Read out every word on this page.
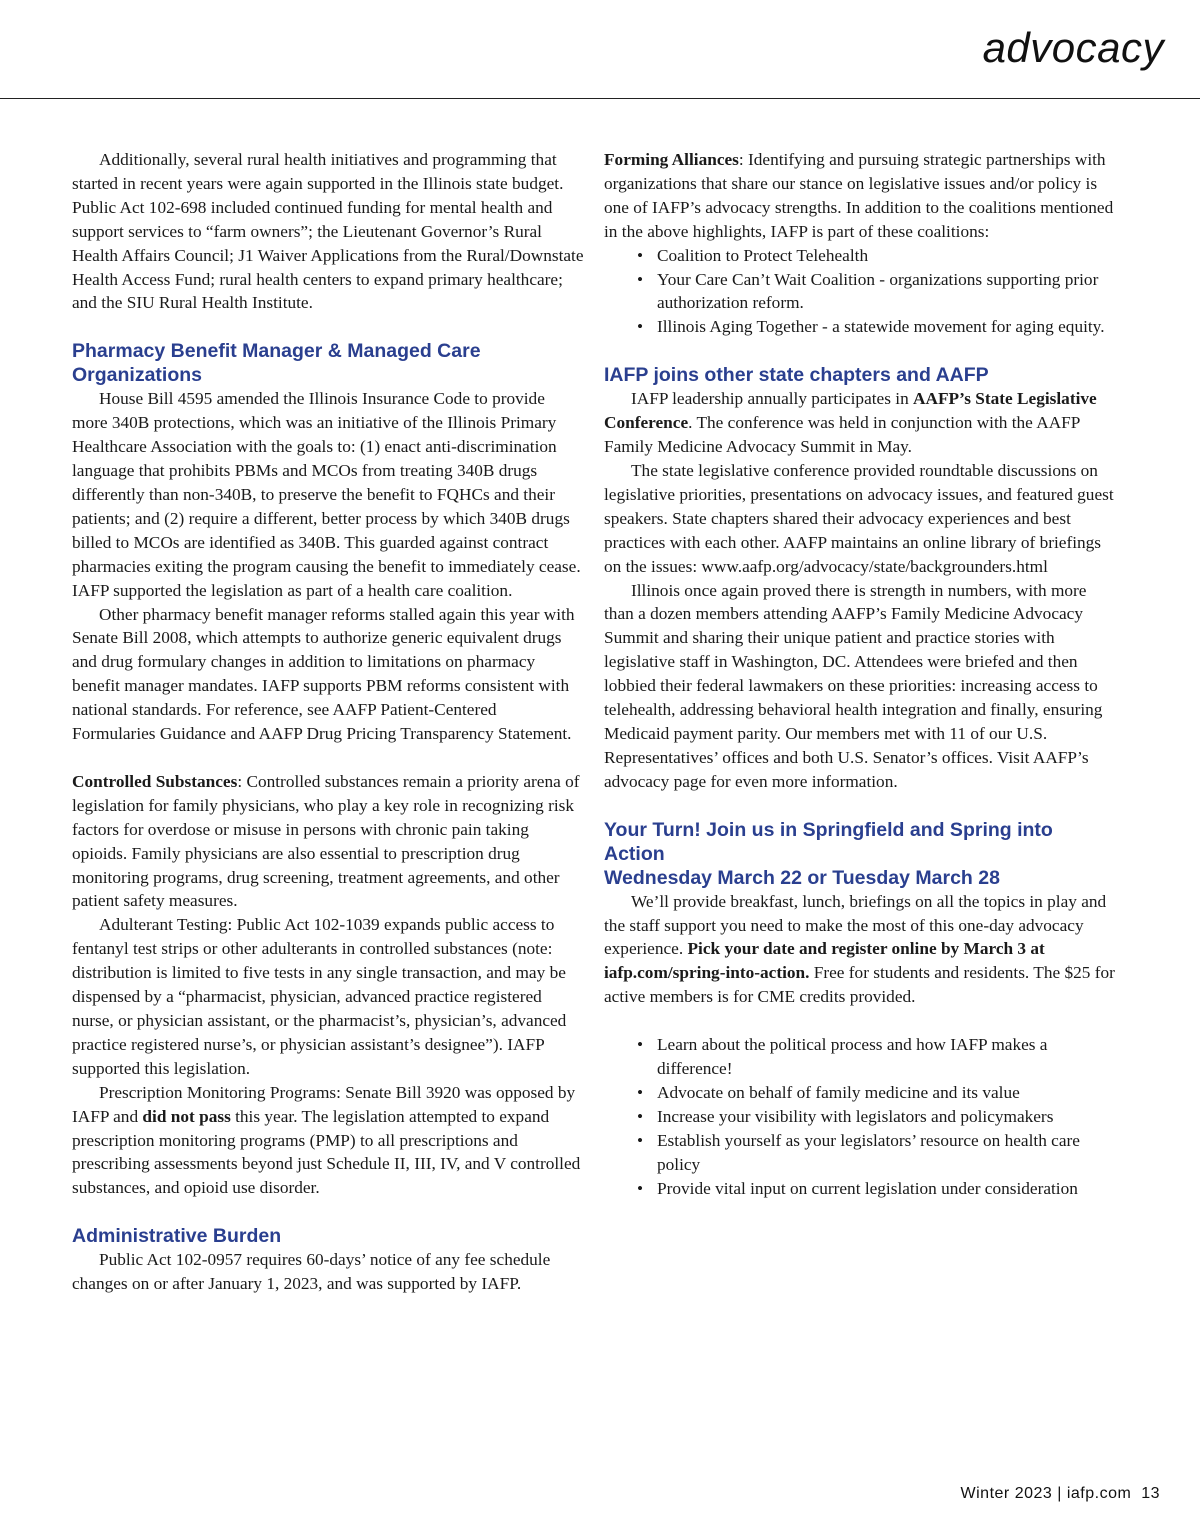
advocacy

Additionally, several rural health initiatives and programming that started in recent years were again supported in the Illinois state budget. Public Act 102-698 included continued funding for mental health and support services to “farm owners”; the Lieutenant Governor’s Rural Health Affairs Council; J1 Waiver Applications from the Rural/Downstate Health Access Fund; rural health centers to expand primary healthcare; and the SIU Rural Health Institute.

Pharmacy Benefit Manager & Managed Care Organizations

House Bill 4595 amended the Illinois Insurance Code to provide more 340B protections, which was an initiative of the Illinois Primary Healthcare Association with the goals to: (1) enact anti-discrimination language that prohibits PBMs and MCOs from treating 340B drugs differently than non-340B, to preserve the benefit to FQHCs and their patients; and (2) require a different, better process by which 340B drugs billed to MCOs are identified as 340B. This guarded against contract pharmacies exiting the program causing the benefit to immediately cease. IAFP supported the legislation as part of a health care coalition.

Other pharmacy benefit manager reforms stalled again this year with Senate Bill 2008, which attempts to authorize generic equivalent drugs and drug formulary changes in addition to limitations on pharmacy benefit manager mandates. IAFP supports PBM reforms consistent with national standards. For reference, see AAFP Patient-Centered Formularies Guidance and AAFP Drug Pricing Transparency Statement.

Controlled Substances: Controlled substances remain a priority arena of legislation for family physicians, who play a key role in recognizing risk factors for overdose or misuse in persons with chronic pain taking opioids. Family physicians are also essential to prescription drug monitoring programs, drug screening, treatment agreements, and other patient safety measures.

Adulterant Testing: Public Act 102-1039 expands public access to fentanyl test strips or other adulterants in controlled substances (note: distribution is limited to five tests in any single transaction, and may be dispensed by a “pharmacist, physician, advanced practice registered nurse, or physician assistant, or the pharmacist’s, physician’s, advanced practice registered nurse’s, or physician assistant’s designee”). IAFP supported this legislation.

Prescription Monitoring Programs: Senate Bill 3920 was opposed by IAFP and did not pass this year. The legislation attempted to expand prescription monitoring programs (PMP) to all prescriptions and prescribing assessments beyond just Schedule II, III, IV, and V controlled substances, and opioid use disorder.

Administrative Burden

Public Act 102-0957 requires 60-days’ notice of any fee schedule changes on or after January 1, 2023, and was supported by IAFP.

Forming Alliances: Identifying and pursuing strategic partnerships with organizations that share our stance on legislative issues and/or policy is one of IAFP’s advocacy strengths. In addition to the coalitions mentioned in the above highlights, IAFP is part of these coalitions:

• Coalition to Protect Telehealth
• Your Care Can’t Wait Coalition - organizations supporting prior authorization reform.
• Illinois Aging Together - a statewide movement for aging equity.
IAFP joins other state chapters and AAFP

IAFP leadership annually participates in AAFP’s State Legislative Conference. The conference was held in conjunction with the AAFP Family Medicine Advocacy Summit in May.

The state legislative conference provided roundtable discussions on legislative priorities, presentations on advocacy issues, and featured guest speakers. State chapters shared their advocacy experiences and best practices with each other. AAFP maintains an online library of briefings on the issues: www.aafp.org/advocacy/state/backgrounders.html

Illinois once again proved there is strength in numbers, with more than a dozen members attending AAFP’s Family Medicine Advocacy Summit and sharing their unique patient and practice stories with legislative staff in Washington, DC. Attendees were briefed and then lobbied their federal lawmakers on these priorities: increasing access to telehealth, addressing behavioral health integration and finally, ensuring Medicaid payment parity. Our members met with 11 of our U.S. Representatives’ offices and both U.S. Senator’s offices. Visit AAFP’s advocacy page for even more information.

Your Turn! Join us in Springfield and Spring into Action
Wednesday March 22 or Tuesday March 28

We’ll provide breakfast, lunch, briefings on all the topics in play and the staff support you need to make the most of this one-day advocacy experience. Pick your date and register online by March 3 at iafp.com/spring-into-action. Free for students and residents. The $25 for active members is for CME credits provided.

• Learn about the political process and how IAFP makes a difference!
• Advocate on behalf of family medicine and its value
• Increase your visibility with legislators and policymakers
• Establish yourself as your legislators’ resource on health care policy
• Provide vital input on current legislation under consideration
Winter 2023 | iafp.com 13
